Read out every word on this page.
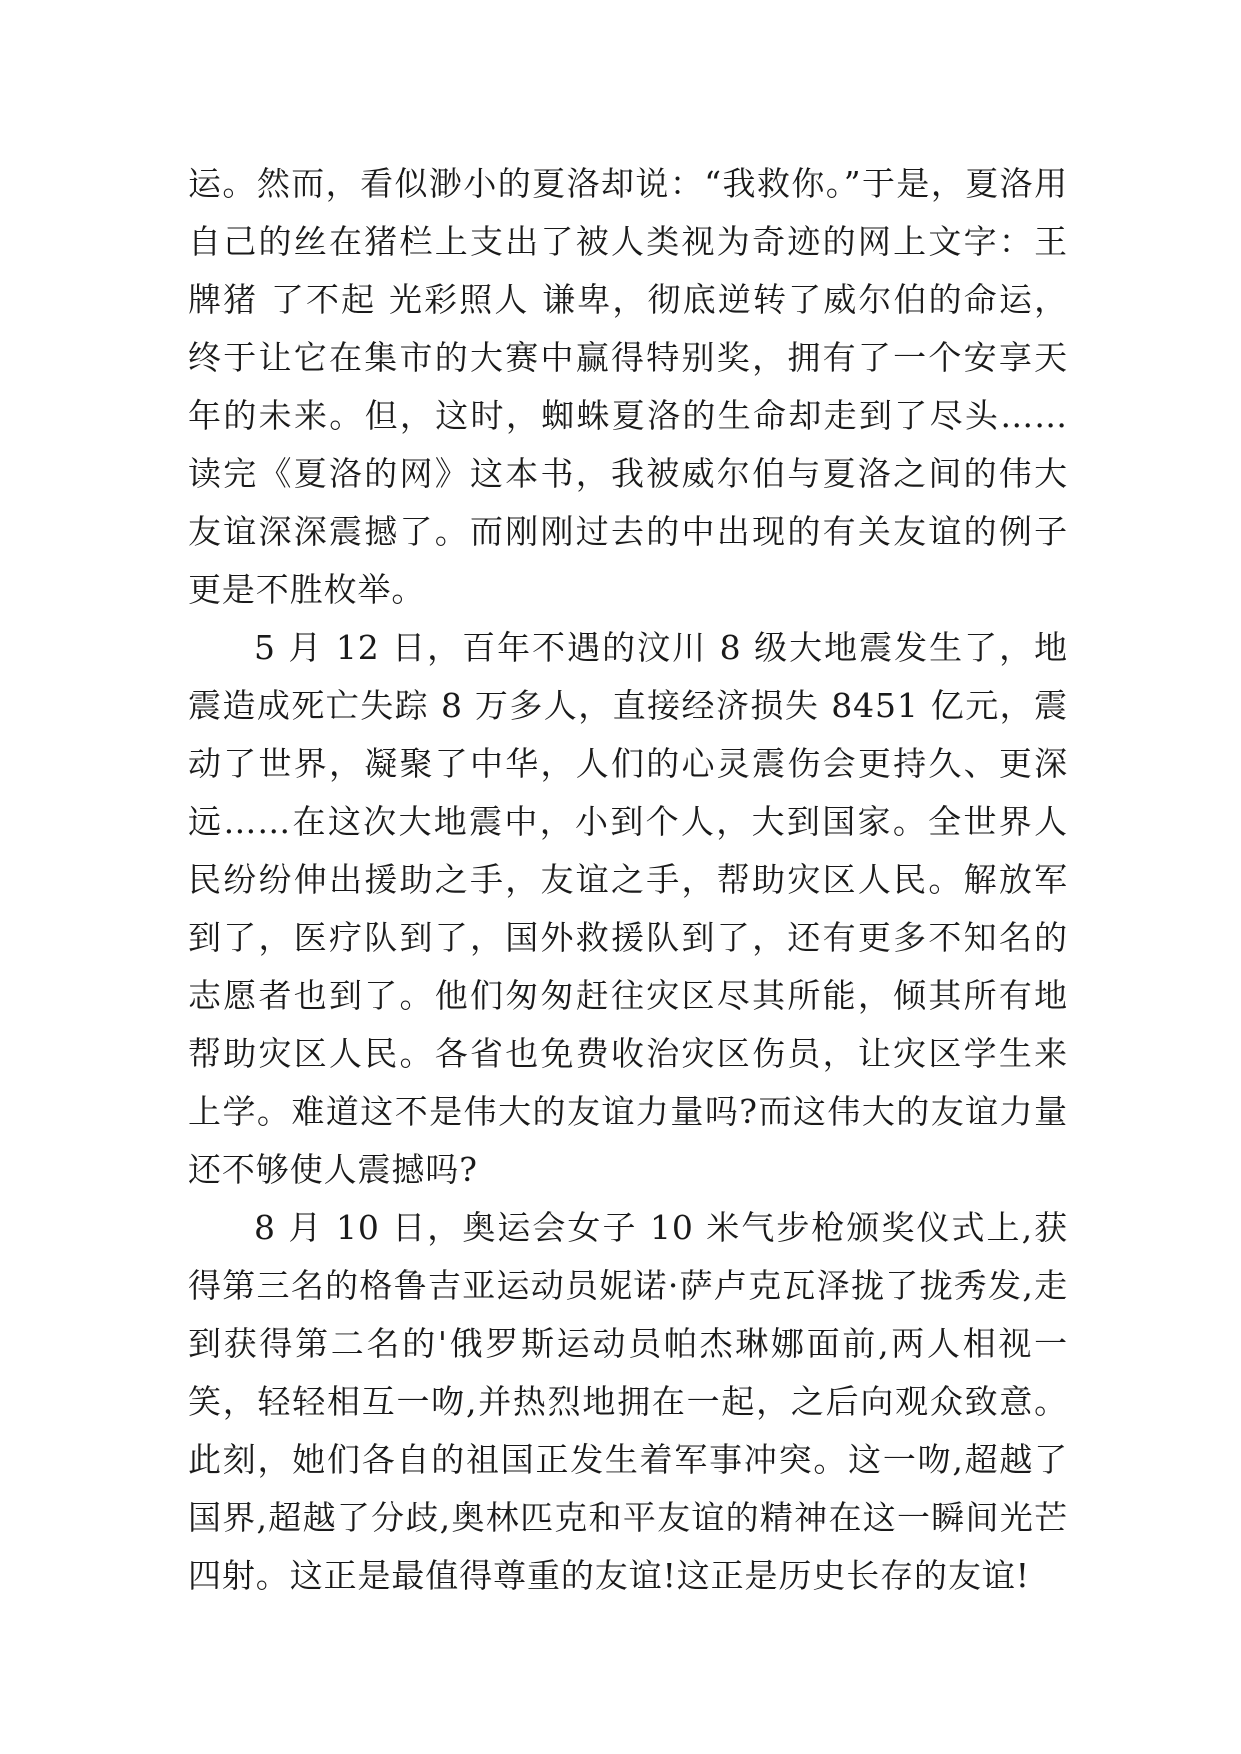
运。然而，看似渺小的夏洛却说：“我救你。”于是，夏洛用自己的丝在猪栏上支出了被人类视为奇迹的网上文字：王牌猪 了不起 光彩照人 谦卑，彻底逆转了威尔伯的命运，终于让它在集市的大赛中赢得特别奖，拥有了一个安享天年的未来。但，这时，蜘蛛夏洛的生命却走到了尽头……读完《夏洛的网》这本书，我被威尔伯与夏洛之间的伟大友谊深深震撼了。而刚刚过去的中出现的有关友谊的例子更是不胜枚举。

5 月 12 日，百年不遇的汶川 8 级大地震发生了，地震造成死亡失踪 8 万多人，直接经济损失 8451 亿元，震动了世界，凝聚了中华，人们的心灵震伤会更持久、更深远……在这次大地震中，小到个人，大到国家。全世界人民纷纷伸出援助之手，友谊之手，帮助灾区人民。解放军到了，医疗队到了，国外救援队到了，还有更多不知名的志愿者也到了。他们匆匆赶往灾区尽其所能，倾其所有地帮助灾区人民。各省也免费收治灾区伤员，让灾区学生来上学。难道这不是伟大的友谊力量吗?而这伟大的友谊力量还不够使人震撼吗?

8 月 10 日，奥运会女子 10 米气步枪颁奖仪式上,获得第三名的格鲁吉亚运动员妮诺·萨卢克瓦泽拢了拢秀发,走到获得第二名的'俄罗斯运动员帕杰琳娜面前,两人相视一笑，轻轻相互一吻,并热烈地拥在一起，之后向观众致意。此刻，她们各自的祖国正发生着军事冲突。这一吻,超越了国界,超越了分歧,奥林匹克和平友谊的精神在这一瞬间光芒四射。这正是最值得尊重的友谊!这正是历史长存的友谊!
